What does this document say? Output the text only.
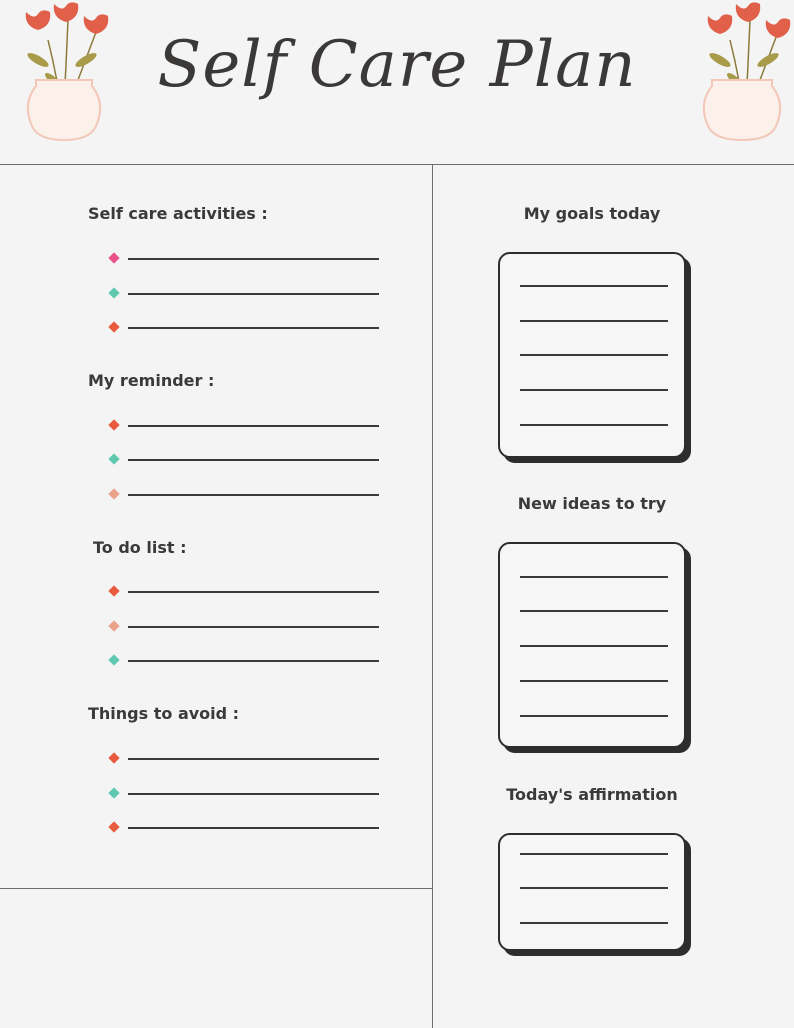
Self Care Plan
Self care activities :
My reminder :
To do list :
Things to avoid :
My goals today
New ideas to try
Today's affirmation
